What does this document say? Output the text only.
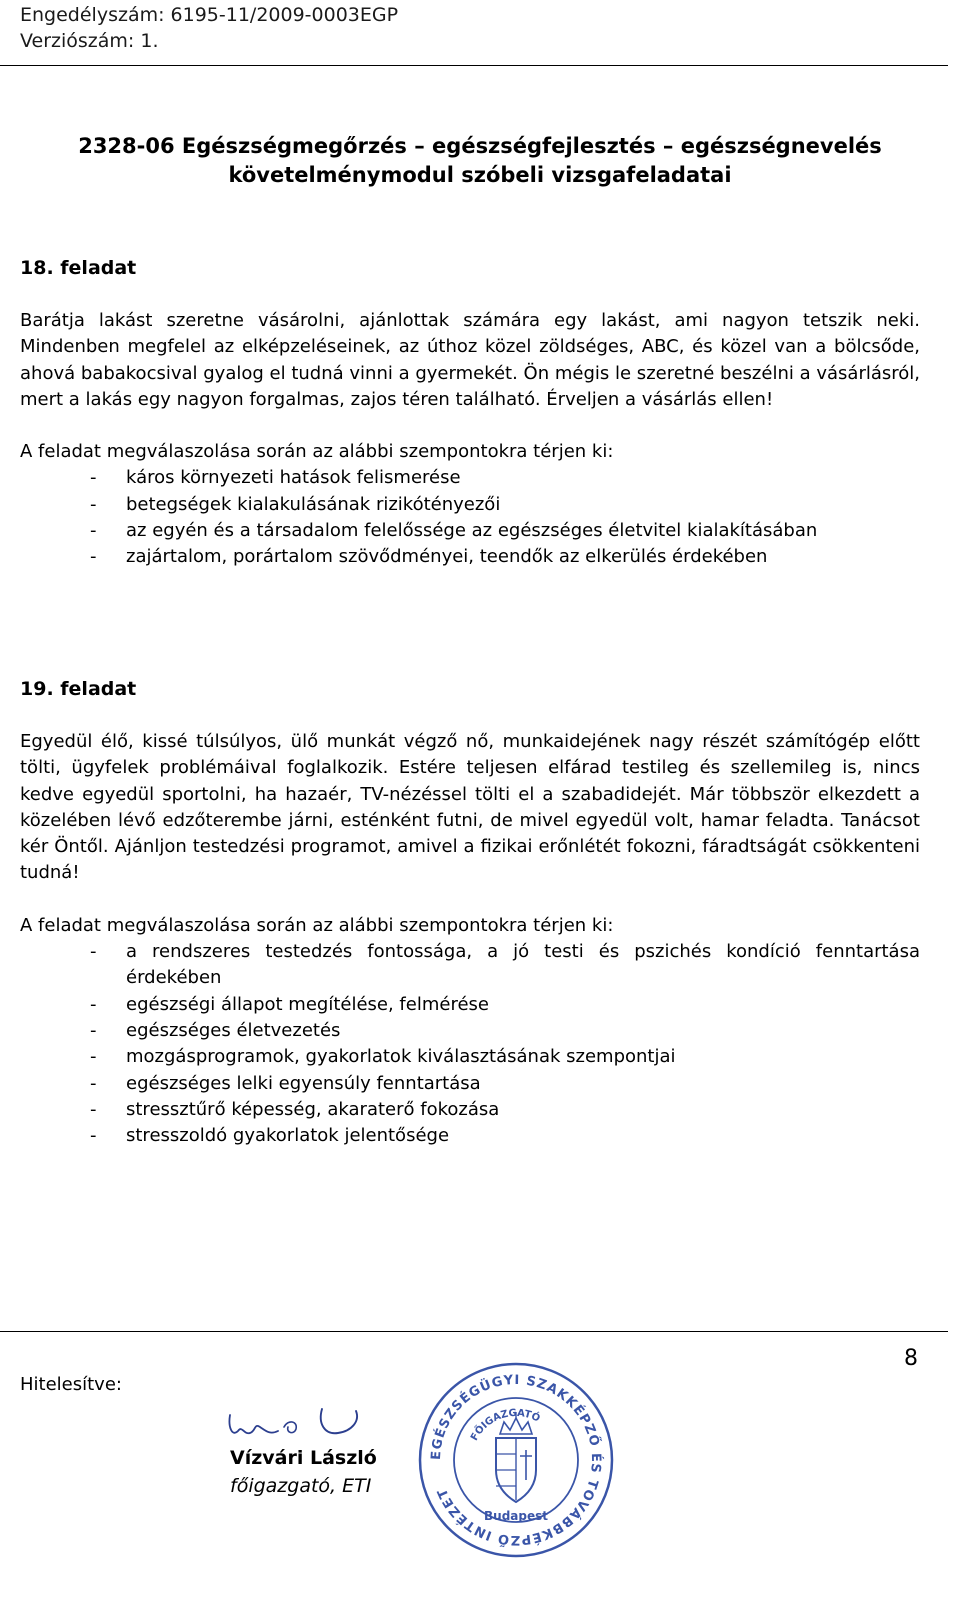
Engedélyszám: 6195-11/2009-0003EGP
Verziószám: 1.
2328-06 Egészségmegőrzés – egészségfejlesztés – egészségnevelés
követelménymodul szóbeli vizsgafeladatai
18. feladat

Barátja lakást szeretne vásárolni, ajánlottak számára egy lakást, ami nagyon tetszik neki. Mindenben megfelel az elképzeléseinek, az úthoz közel zöldséges, ABC, és közel van a bölcsőde, ahová babakocsival gyalog el tudná vinni a gyermekét. Ön mégis le szeretné beszélni a vásárlásról, mert a lakás egy nagyon forgalmas, zajos téren található. Érveljen a vásárlás ellen!

A feladat megválaszolása során az alábbi szempontokra térjen ki:

- káros környezeti hatások felismerése
- betegségek kialakulásának rizikótényezői
- az egyén és a társadalom felelőssége az egészséges életvitel kialakításában
- zajártalom, porártalom szövődményei, teendők az elkerülés érdekében
19. feladat

Egyedül élő, kissé túlsúlyos, ülő munkát végző nő, munkaidejének nagy részét számítógép előtt tölti, ügyfelek problémáival foglalkozik. Estére teljesen elfárad testileg és szellemileg is, nincs kedve egyedül sportolni, ha hazaér, TV-nézéssel tölti el a szabadidejét. Már többször elkezdett a közelében lévő edzőterembe járni, esténként futni, de mivel egyedül volt, hamar feladta. Tanácsot kér Öntől. Ajánljon testedzési programot, amivel a fizikai erőnlétét fokozni, fáradtságát csökkenteni tudná!

A feladat megválaszolása során az alábbi szempontokra térjen ki:

- a rendszeres testedzés fontossága, a jó testi és pszichés kondíció fenntartása érdekében
- egészségi állapot megítélése, felmérése
- egészséges életvezetés
- mozgásprogramok, gyakorlatok kiválasztásának szempontjai
- egészséges lelki egyensúly fenntartása
- stressztűrő képesség, akaraterő fokozása
- stresszoldó gyakorlatok jelentősége
8
Hitelesítve:
Vízvári László
főigazgató, ETI
EGÉSZSÉGÜGYI SZAKKÉPZŐ ÉS TOVÁBBKÉPZŐ INTÉZET
FŐIGAZGATÓ
Budapest
